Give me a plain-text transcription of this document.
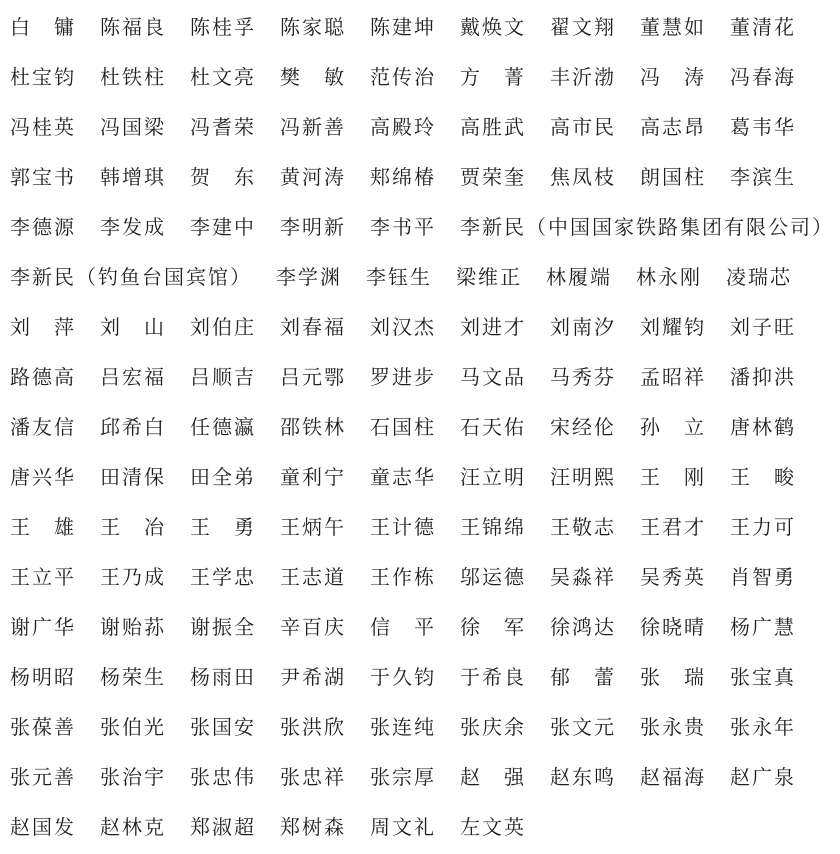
白　镛 陈福良 陈桂孚 陈家聪 陈建坤 戴焕文 翟文翔 董慧如 董清花
杜宝钧 杜铁柱 杜文亮 樊　敏 范传治 方　菁 丰沂渤 冯　涛 冯春海
冯桂英 冯国梁 冯耆荣 冯新善 高殿玲 高胜武 高市民 高志昂 葛韦华
郭宝书 韩增琪 贺　东 黄河涛 郏绵椿 贾荣奎 焦凤枝 朗国柱 李滨生
李德源 李发成 李建中 李明新 李书平 李新民（中国国家铁路集团有限公司）
李新民（钓鱼台国宾馆） 李学渊 李钰生 梁维正 林履端 林永刚 凌瑞芯
刘　萍 刘　山 刘伯庄 刘春福 刘汉杰 刘进才 刘南汐 刘耀钧 刘子旺
路德高 吕宏福 吕顺吉 吕元鄂 罗进步 马文品 马秀芬 孟昭祥 潘抑洪
潘友信 邱希白 任德瀛 邵铁林 石国柱 石天佑 宋经伦 孙　立 唐林鹤
唐兴华 田清保 田全弟 童利宁 童志华 汪立明 汪明熙 王　刚 王　畯
王　雄 王　冶 王　勇 王炳午 王计德 王锦绵 王敬志 王君才 王力可
王立平 王乃成 王学忠 王志道 王作栋 邬运德 吴淼祥 吴秀英 肖智勇
谢广华 谢贻荪 谢振全 辛百庆 信　平 徐　军 徐鸿达 徐晓晴 杨广慧
杨明昭 杨荣生 杨雨田 尹希湖 于久钧 于希良 郁　蕾 张　瑞 张宝真
张葆善 张伯光 张国安 张洪欣 张连纯 张庆余 张文元 张永贵 张永年
张元善 张治宇 张忠伟 张忠祥 张宗厚 赵　强 赵东鸣 赵福海 赵广泉
赵国发 赵林克 郑淑超 郑树森 周文礼 左文英
